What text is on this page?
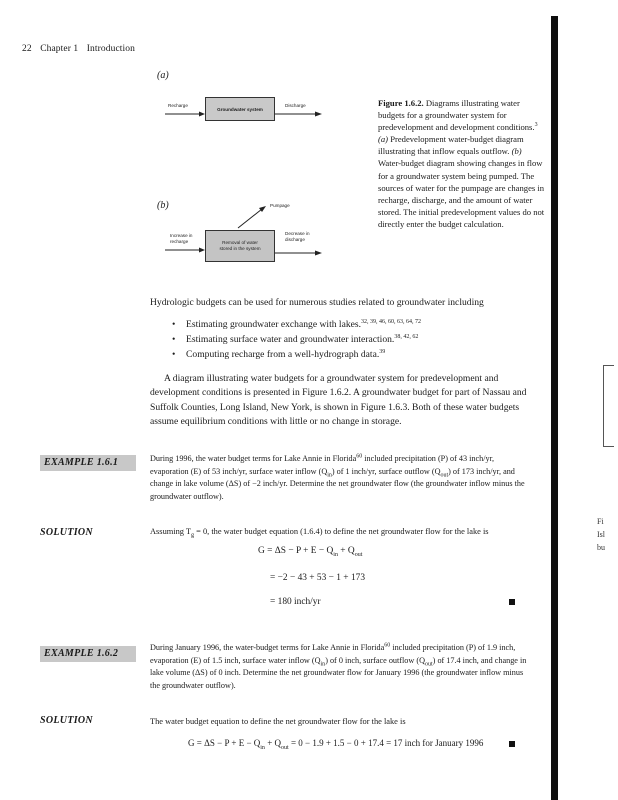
22 Chapter 1 Introduction
(a)
(b)
Recharge
Groundwater system
Discharge
Pumpage
Increase in
recharge	Removal of water
stored in the system
Decrease in
discharge
Figure 1.6.2. Diagrams illustrating water budgets for a groundwater system for predevelopment and development conditions.$^3$ (a) Predevelopment water-budget diagram illustrating that inflow equals outflow. (b) Water-budget diagram showing changes in flow for a groundwater system being pumped. The sources of water for the pumpage are changes in recharge, discharge, and the amount of water stored. The initial predevelopment values do not directly enter the budget calculation.
Hydrologic budgets can be used for numerous studies related to groundwater including
• Estimating groundwater exchange with lakes.$^{32, 39, 46, 60, 63, 64, 72}$
• Estimating surface water and groundwater interaction.$^{38, 42, 62}$
• Computing recharge from a well-hydrograph data.$^{39}$
A diagram illustrating water budgets for a groundwater system for predevelopment and development conditions is presented in Figure 1.6.2. A groundwater budget for part of Nassau and Suffolk Counties, Long Island, New York, is shown in Figure 1.6.3. Both of these water budgets assume equilibrium conditions with little or no change in storage.
EXAMPLE 1.6.1	During 1996, the water budget terms for Lake Annie in Florida$^{60}$ included precipitation (P) of 43 inch/yr, evaporation (E) of 53 inch/yr, surface water inflow $(Q_{in})$ of 1 inch/yr, surface outflow $(Q_{out})$ of 173 inch/yr, and change in lake volume (ΔS) of −2 inch/yr. Determine the net groundwater flow (the groundwater inflow minus the groundwater outflow).
SOLUTION	Assuming $T_g = 0$, the water budget equation (1.6.4) to define the net groundwater flow for the lake is
$G = \Delta S - P + E - Q_{in} + Q_{out}$
= −2 − 43 + 53 − 1 + 173
= 180 inch/yr
EXAMPLE 1.6.2
During January 1996, the water-budget terms for Lake Annie in Florida$^{60}$ included precipitation (P) of 1.9 inch, evaporation (E) of 1.5 inch, surface water inflow $(Q_{in})$ of 0 inch, surface outflow $(Q_{out})$ of 17.4 inch, and change in lake volume (ΔS) of 0 inch. Determine the net groundwater flow for January 1996 (the groundwater inflow minus the groundwater outflow).
SOLUTION	The water budget equation to define the net groundwater flow for the lake is
$G = \Delta S - P + E - Q_{in} + Q_{out} = 0 - 1.9 + 1.5 - 0 + 17.4 = 17$ inch for January 1996
Fi
Isl
bu
